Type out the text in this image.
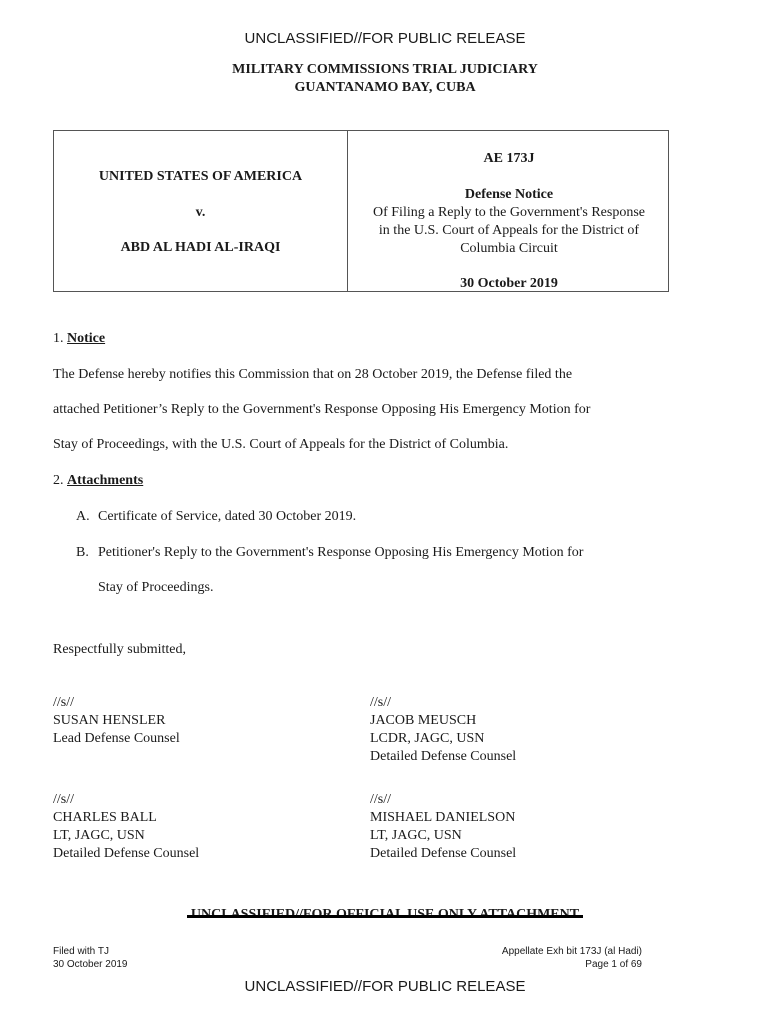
UNCLASSIFIED//FOR PUBLIC RELEASE
MILITARY COMMISSIONS TRIAL JUDICIARY
GUANTANAMO BAY, CUBA
UNITED STATES OF AMERICA
v.
ABD AL HADI AL-IRAQI
AE 173J
Defense Notice
Of Filing a Reply to the Government's Response
in the U.S. Court of Appeals for the District of
Columbia Circuit
30 October 2019
1. Notice
The Defense hereby notifies this Commission that on 28 October 2019, the Defense filed the
attached Petitioner’s Reply to the Government's Response Opposing His Emergency Motion for
Stay of Proceedings, with the U.S. Court of Appeals for the District of Columbia.
2. Attachments
A. Certificate of Service, dated 30 October 2019.
B. Petitioner's Reply to the Government's Response Opposing His Emergency Motion for
Stay of Proceedings.
Respectfully submitted,
//s//
SUSAN HENSLER
Lead Defense Counsel
//s//
JACOB MEUSCH
LCDR, JAGC, USN
Detailed Defense Counsel
//s//
CHARLES BALL
LT, JAGC, USN
Detailed Defense Counsel
//s//
MISHAEL DANIELSON
LT, JAGC, USN
Detailed Defense Counsel
UNCLASSIFIED//FOR OFFICIAL USE ONLY ATTACHMENT
Filed with TJ
30 October 2019
Appellate Exh bit 173J (al Hadi)
Page 1 of 69
UNCLASSIFIED//FOR PUBLIC RELEASE
